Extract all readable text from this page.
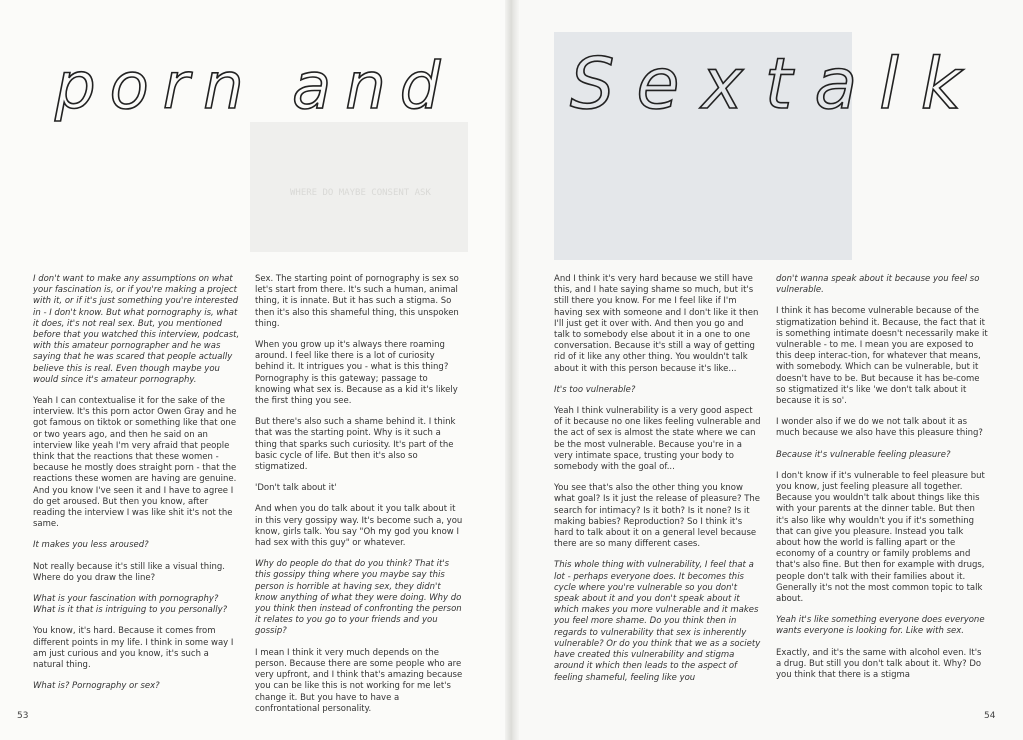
WHERE DO MAYBE CONSENT ASK

porn and

I don't want to make any assumptions on what your fascination is, or if you're making a project with it, or if it's just something you're interested in - I don't know. But what pornography is, what it does, it's not real sex. But, you mentioned before that you watched this interview, podcast, with this amateur pornographer and he was saying that he was scared that people actually believe this is real. Even though maybe you would since it's amateur pornography.

Yeah I can contextualise it for the sake of the interview. It's this porn actor Owen Gray and he got famous on tiktok or something like that one or two years ago, and then he said on an interview like yeah I'm very afraid that people think that the reactions that these women - because he mostly does straight porn - that the reactions these women are having are genuine. And you know I've seen it and I have to agree I do get aroused. But then you know, after reading the interview I was like shit it's not the same.

It makes you less aroused?

Not really because it's still like a visual thing. Where do you draw the line?

What is your fascination with pornography? What is it that is intriguing to you personally?

You know, it's hard. Because it comes from different points in my life. I think in some way I am just curious and you know, it's such a natural thing.

What is? Pornography or sex?

Sex. The starting point of pornography is sex so let's start from there. It's such a human, animal thing, it is innate. But it has such a stigma. So then it's also this shameful thing, this unspoken thing.

When you grow up it's always there roaming around. I feel like there is a lot of curiosity behind it. It intrigues you - what is this thing? Pornography is this gateway; passage to knowing what sex is. Because as a kid it's likely the first thing you see.

But there's also such a shame behind it. I think that was the starting point. Why is it such a thing that sparks such curiosity. It's part of the basic cycle of life. But then it's also so stigmatized.

'Don't talk about it'

And when you do talk about it you talk about it in this very gossipy way. It's become such a, you know, girls talk. You say "Oh my god you know I had sex with this guy" or whatever.

Why do people do that do you think? That it's this gossipy thing where you maybe say this person is horrible at having sex, they didn't know anything of what they were doing. Why do you think then instead of confronting the person it relates to you go to your friends and you gossip?

I mean I think it very much depends on the person. Because there are some people who are very upfront, and I think that's amazing because you can be like this is not working for me let's change it. But you have to have a confrontational personality.

53
Sextalk

And I think it's very hard because we still have this, and I hate saying shame so much, but it's still there you know. For me I feel like if I'm having sex with someone and I don't like it then I'll just get it over with. And then you go and talk to somebody else about it in a one to one conversation. Because it's still a way of getting rid of it like any other thing. You wouldn't talk about it with this person because it's like...

It's too vulnerable?

Yeah I think vulnerability is a very good aspect of it because no one likes feeling vulnerable and the act of sex is almost the state where we can be the most vulnerable. Because you're in a very intimate space, trusting your body to somebody with the goal of...

You see that's also the other thing you know what goal? Is it just the release of pleasure? The search for intimacy? Is it both? Is it none? Is it making babies? Reproduction? So I think it's hard to talk about it on a general level because there are so many different cases.

This whole thing with vulnerability, I feel that a lot - perhaps everyone does. It becomes this cycle where you're vulnerable so you don't speak about it and you don't speak about it which makes you more vulnerable and it makes you feel more shame. Do you think then in regards to vulnerability that sex is inherently vulnerable? Or do you think that we as a society have created this vulnerability and stigma around it which then leads to the aspect of feeling shameful, feeling like you

don't wanna speak about it because you feel so vulnerable.

I think it has become vulnerable because of the stigmatization behind it. Because, the fact that it is something intimate doesn't necessarily make it vulnerable - to me. I mean you are exposed to this deep interac-tion, for whatever that means, with somebody. Which can be vulnerable, but it doesn't have to be. But because it has be-come so stigmatized it's like 'we don't talk about it because it is so'.

I wonder also if we do we not talk about it as much because we also have this pleasure thing?

Because it's vulnerable feeling pleasure?

I don't know if it's vulnerable to feel pleasure but you know, just feeling pleasure all together. Because you wouldn't talk about things like this with your parents at the dinner table. But then it's also like why wouldn't you if it's something that can give you pleasure. Instead you talk about how the world is falling apart or the economy of a country or family problems and that's also fine. But then for example with drugs, people don't talk with their families about it. Generally it's not the most common topic to talk about.

Yeah it's like something everyone does everyone wants everyone is looking for. Like with sex.

Exactly, and it's the same with alcohol even. It's a drug. But still you don't talk about it. Why? Do you think that there is a stigma

54
